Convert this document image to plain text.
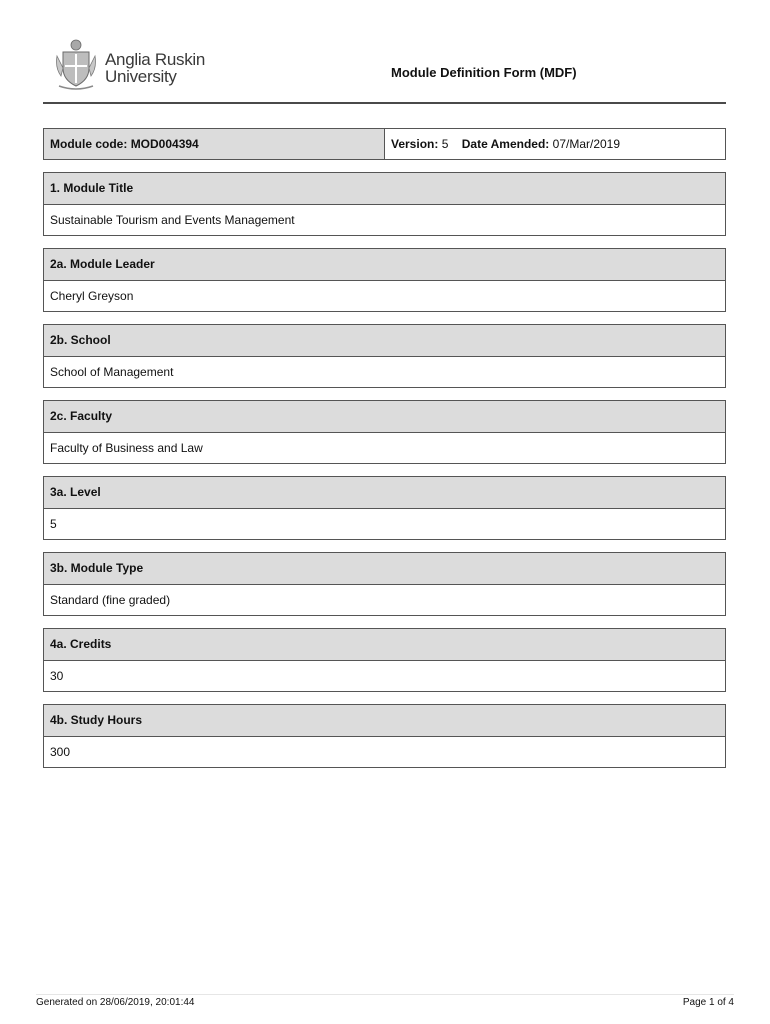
Anglia Ruskin
University	Module Definition Form (MDF)
Module code: MOD004394	Version: 5 Date Amended: 07/Mar/2019
1. Module Title
Sustainable Tourism and Events Management
2a. Module Leader
Cheryl Greyson
2b. School
School of Management
2c. Faculty
Faculty of Business and Law
3a. Level
5
3b. Module Type
Standard (fine graded)
4a. Credits
30
4b. Study Hours
300
Generated on 28/06/2019, 20:01:44	Page 1 of 4
